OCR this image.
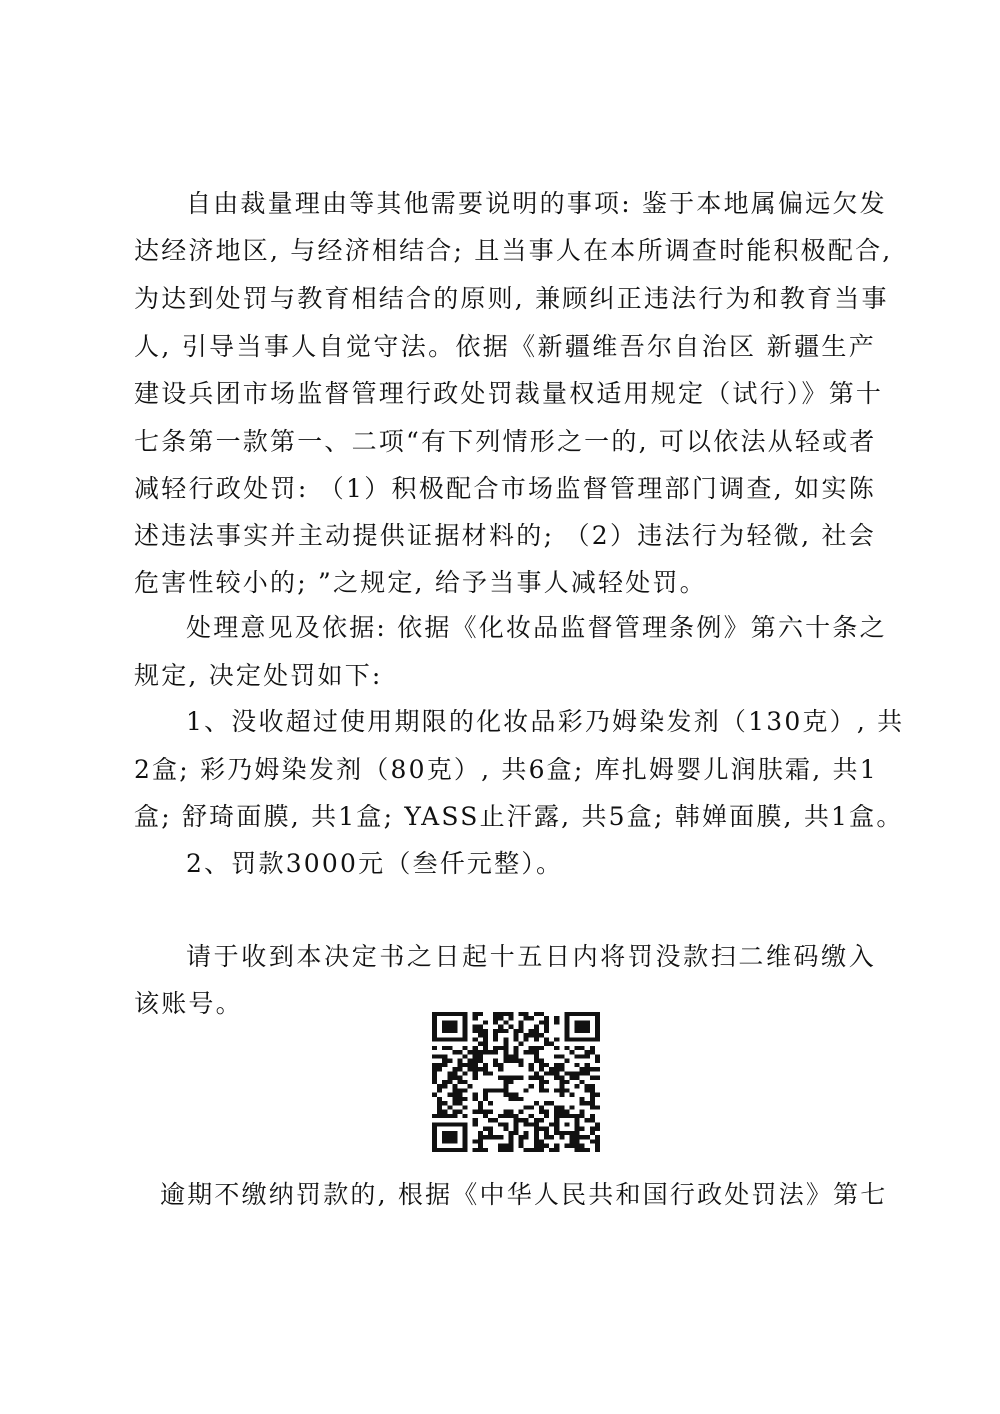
自由裁量理由等其他需要说明的事项: 鉴于本地属偏远欠发
达经济地区, 与经济相结合; 且当事人在本所调查时能积极配合,
为达到处罚与教育相结合的原则, 兼顾纠正违法行为和教育当事
人, 引导当事人自觉守法。依据《新疆维吾尔自治区 新疆生产
建设兵团市场监督管理行政处罚裁量权适用规定（试行）》第十
七条第一款第一、二项“有下列情形之一的, 可以依法从轻或者
减轻行政处罚: （1）积极配合市场监督管理部门调查, 如实陈
述违法事实并主动提供证据材料的; （2）违法行为轻微, 社会
危害性较小的; ”之规定, 给予当事人减轻处罚。
处理意见及依据: 依据《化妆品监督管理条例》第六十条之
规定, 决定处罚如下:
1、没收超过使用期限的化妆品彩乃姆染发剂（130克）, 共
2盒; 彩乃姆染发剂（80克）, 共6盒; 库扎姆婴儿润肤霜, 共1
盒; 舒琦面膜, 共1盒; YASS止汗露, 共5盒; 韩婵面膜, 共1盒。
2、罚款3000元（叁仟元整）。
请于收到本决定书之日起十五日内将罚没款扫二维码缴入
该账号。
逾期不缴纳罚款的, 根据《中华人民共和国行政处罚法》第七
